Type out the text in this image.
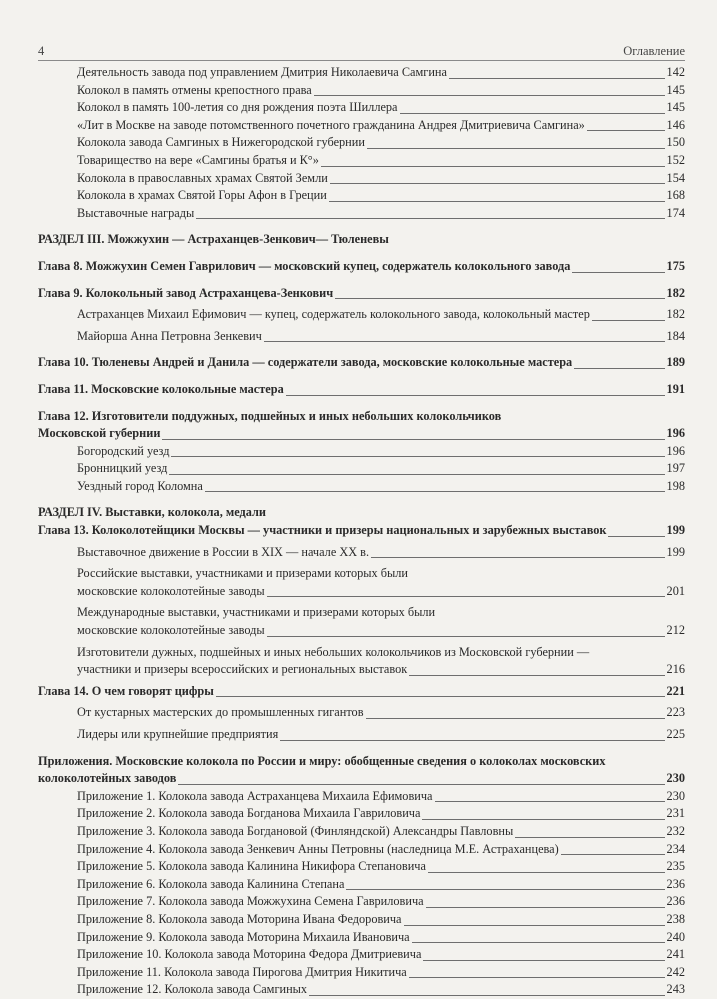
4	Оглавление
Деятельность завода под управлением Дмитрия Николаевича Самгина	142
Колокол в память отмены крепостного права	145
Колокол в память 100-летия со дня рождения поэта Шиллера	145
«Лит в Москве на заводе потомственного почетного гражданина Андрея Дмитриевича Самгина»	146
Колокола завода Самгиных в Нижегородской губернии	150
Товарищество на вере «Самгины братья и К°»	152
Колокола в православных храмах Святой Земли	154
Колокола в храмах Святой Горы Афон в Греции	168
Выставочные награды	174
РАЗДЕЛ III. Можжухин — Астраханцев-Зенкович— Тюленевы
Глава 8. Можжухин Семен Гаврилович — московский купец, содержатель колокольного завода	175
Глава 9. Колокольный завод Астраханцева-Зенкович	182
Астраханцев Михаил Ефимович — купец, содержатель колокольного завода, колокольный мастер	182
Майорша Анна Петровна Зенкевич	184
Глава 10. Тюленевы Андрей и Данила — содержатели завода, московские колокольные мастера	189
Глава 11. Московские колокольные мастера	191
Глава 12. Изготовители поддужных, подшейных и иных небольших колокольчиков
Московской губернии	196
Богородский уезд	196
Бронницкий уезд	197
Уездный город Коломна	198
РАЗДЕЛ IV. Выставки, колокола, медали
Глава 13. Колоколотейщики Москвы — участники и призеры национальных и зарубежных выставок	199
Выставочное движение в России в XIX — начале XX в.	199
Российские выставки, участниками и призерами которых были
московские колоколотейные заводы	201
Международные выставки, участниками и призерами которых были
московские колоколотейные заводы	212
Изготовители дужных, подшейных и иных небольших колокольчиков из Московской губернии —
участники и призеры всероссийских и региональных выставок	216
Глава 14. О чем говорят цифры	221
От кустарных мастерских до промышленных гигантов	223
Лидеры или крупнейшие предприятия	225
Приложения. Московские колокола по России и миру: обобщенные сведения о колоколах московских
колоколотейных заводов	230
Приложение 1. Колокола завода Астраханцева Михаила Ефимовича	230
Приложение 2. Колокола завода Богданова Михаила Гавриловича	231
Приложение 3. Колокола завода Богдановой (Финляндской) Александры Павловны	232
Приложение 4. Колокола завода Зенкевич Анны Петровны (наследница М.Е. Астраханцева)	234
Приложение 5. Колокола завода Калинина Никифора Степановича	235
Приложение 6. Колокола завода Калинина Степана	236
Приложение 7. Колокола завода Можжухина Семена Гавриловича	236
Приложение 8. Колокола завода Моторина Ивана Федоровича	238
Приложение 9. Колокола завода Моторина Михаила Ивановича	240
Приложение 10. Колокола завода Моторина Федора Дмитриевича	241
Приложение 11. Колокола завода Пирогова Дмитрия Никитича	242
Приложение 12. Колокола завода Самгиных	243
